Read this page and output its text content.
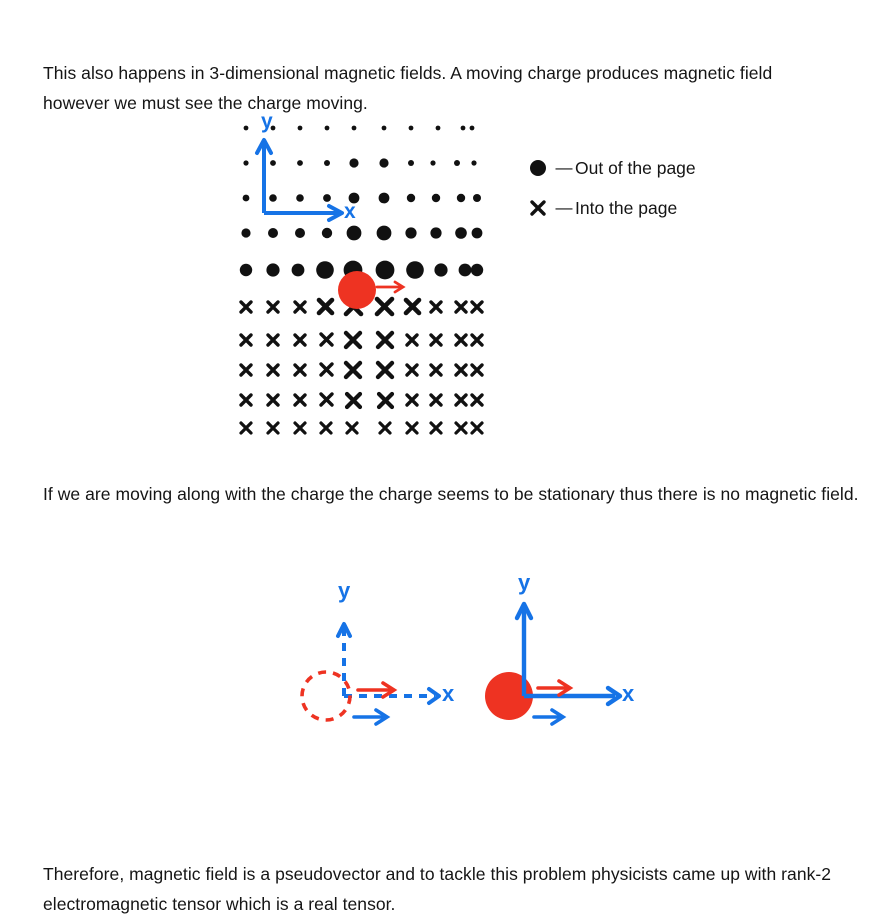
This also happens in 3-dimensional magnetic fields. A moving charge produces magnetic field however we must see the charge moving.

y
x
— Out of the page
— Into the page

If we are moving along with the charge the charge seems to be stationary thus there is no magnetic field.

y
x
y
x

Therefore, magnetic field is a pseudovector and to tackle this problem physicists came up with rank-2 electromagnetic tensor which is a real tensor.
